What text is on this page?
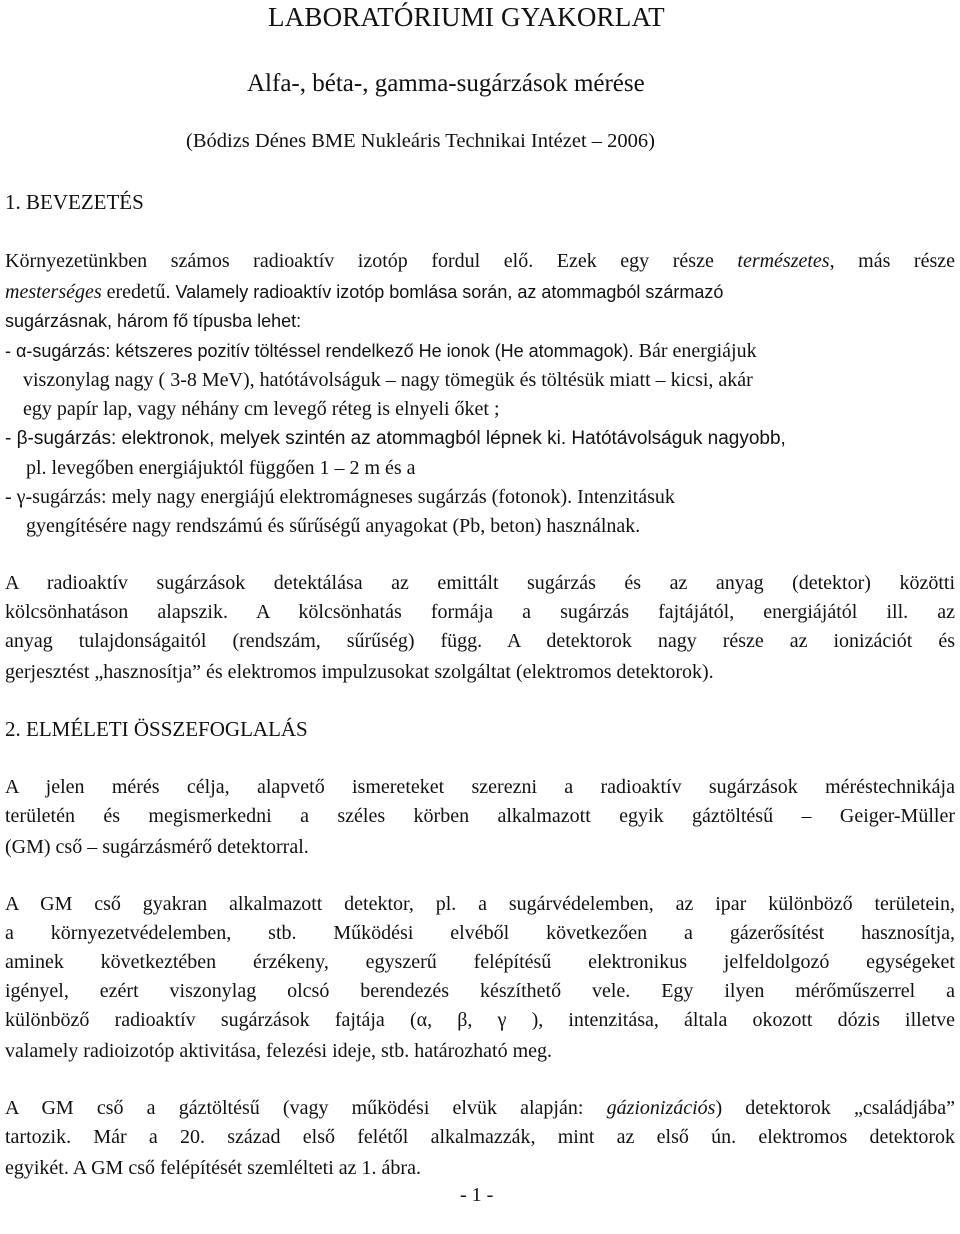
LABORATÓRIUMI GYAKORLAT
Alfa-, béta-, gamma-sugárzások mérése
(Bódizs Dénes BME Nukleáris Technikai Intézet – 2006)
1. BEVEZETÉS
Környezetünkben számos radioaktív izotóp fordul elő. Ezek egy része természetes, más része
mesterséges eredetű. Valamely radioaktív izotóp bomlása során, az atommagból származó
sugárzásnak, három fő típusba lehet:
- α-sugárzás: kétszeres pozitív töltéssel rendelkező He ionok (He atommagok). Bár energiájuk
viszonylag nagy ( 3-8 MeV), hatótávolságuk – nagy tömegük és töltésük miatt – kicsi, akár
egy papír lap, vagy néhány cm levegő réteg is elnyeli őket ;
- β-sugárzás: elektronok, melyek szintén az atommagból lépnek ki. Hatótávolságuk nagyobb,
pl. levegőben energiájuktól függően 1 – 2 m és a
- γ-sugárzás: mely nagy energiájú elektromágneses sugárzás (fotonok). Intenzitásuk
gyengítésére nagy rendszámú és sűrűségű anyagokat (Pb, beton) használnak.
A radioaktív sugárzások detektálása az emittált sugárzás és az anyag (detektor) közötti
kölcsönhatáson alapszik. A kölcsönhatás formája a sugárzás fajtájától, energiájától ill. az
anyag tulajdonságaitól (rendszám, sűrűség) függ. A detektorok nagy része az ionizációt és
gerjesztést „hasznosítja” és elektromos impulzusokat szolgáltat (elektromos detektorok).
2. ELMÉLETI ÖSSZEFOGLALÁS
A jelen mérés célja, alapvető ismereteket szerezni a radioaktív sugárzások méréstechnikája
területén és megismerkedni a széles körben alkalmazott egyik gáztöltésű – Geiger-Müller
(GM) cső – sugárzásmérő detektorral.
A GM cső gyakran alkalmazott detektor, pl. a sugárvédelemben, az ipar különböző területein,
a környezetvédelemben, stb. Működési elvéből következően a gázerősítést hasznosítja,
aminek következtében érzékeny, egyszerű felépítésű elektronikus jelfeldolgozó egységeket
igényel, ezért viszonylag olcsó berendezés készíthető vele. Egy ilyen mérőműszerrel a
különböző radioaktív sugárzások fajtája (α, β, γ ), intenzitása, általa okozott dózis illetve
valamely radioizotóp aktivitása, felezési ideje, stb. határozható meg.
A GM cső a gáztöltésű (vagy működési elvük alapján: gázionizációs) detektorok „családjába”
tartozik. Már a 20. század első felétől alkalmazzák, mint az első ún. elektromos detektorok
egyikét. A GM cső felépítését szemlélteti az 1. ábra.
- 1 -
